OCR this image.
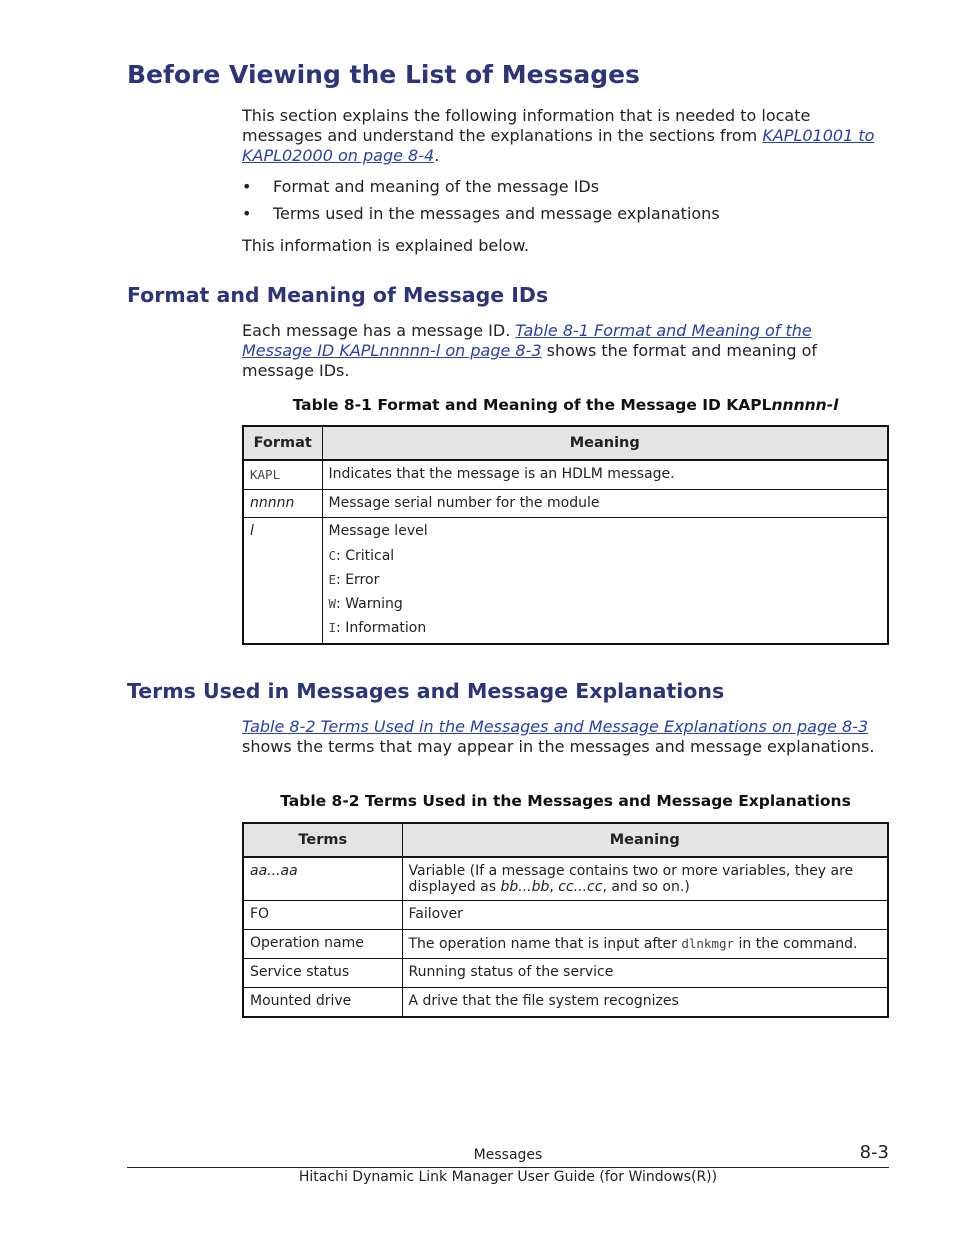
Before Viewing the List of Messages

This section explains the following information that is needed to locate messages and understand the explanations in the sections from KAPL01001 to KAPL02000 on page 8-4.

• Format and meaning of the message IDs
• Terms used in the messages and message explanations

This information is explained below.

Format and Meaning of Message IDs

Each message has a message ID. Table 8-1 Format and Meaning of the Message ID KAPLnnnnn-l on page 8-3 shows the format and meaning of message IDs.

Table 8-1 Format and Meaning of the Message ID KAPLnnnnn-l

Format	Meaning
KAPL	Indicates that the message is an HDLM message.
nnnnn	Message serial number for the module
l	Message level
C: Critical
E: Error
W: Warning
I: Information
Terms Used in Messages and Message Explanations

Table 8-2 Terms Used in the Messages and Message Explanations on page 8-3 shows the terms that may appear in the messages and message explanations.

Table 8-2 Terms Used in the Messages and Message Explanations

Terms	Meaning
aa...aa	Variable (If a message contains two or more variables, they are displayed as bb...bb, cc...cc, and so on.)
FO	Failover
Operation name	The operation name that is input after dlnkmgr in the command.
Service status	Running status of the service
Mounted drive	A drive that the file system recognizes
Messages	8-3
Hitachi Dynamic Link Manager User Guide (for Windows(R))
